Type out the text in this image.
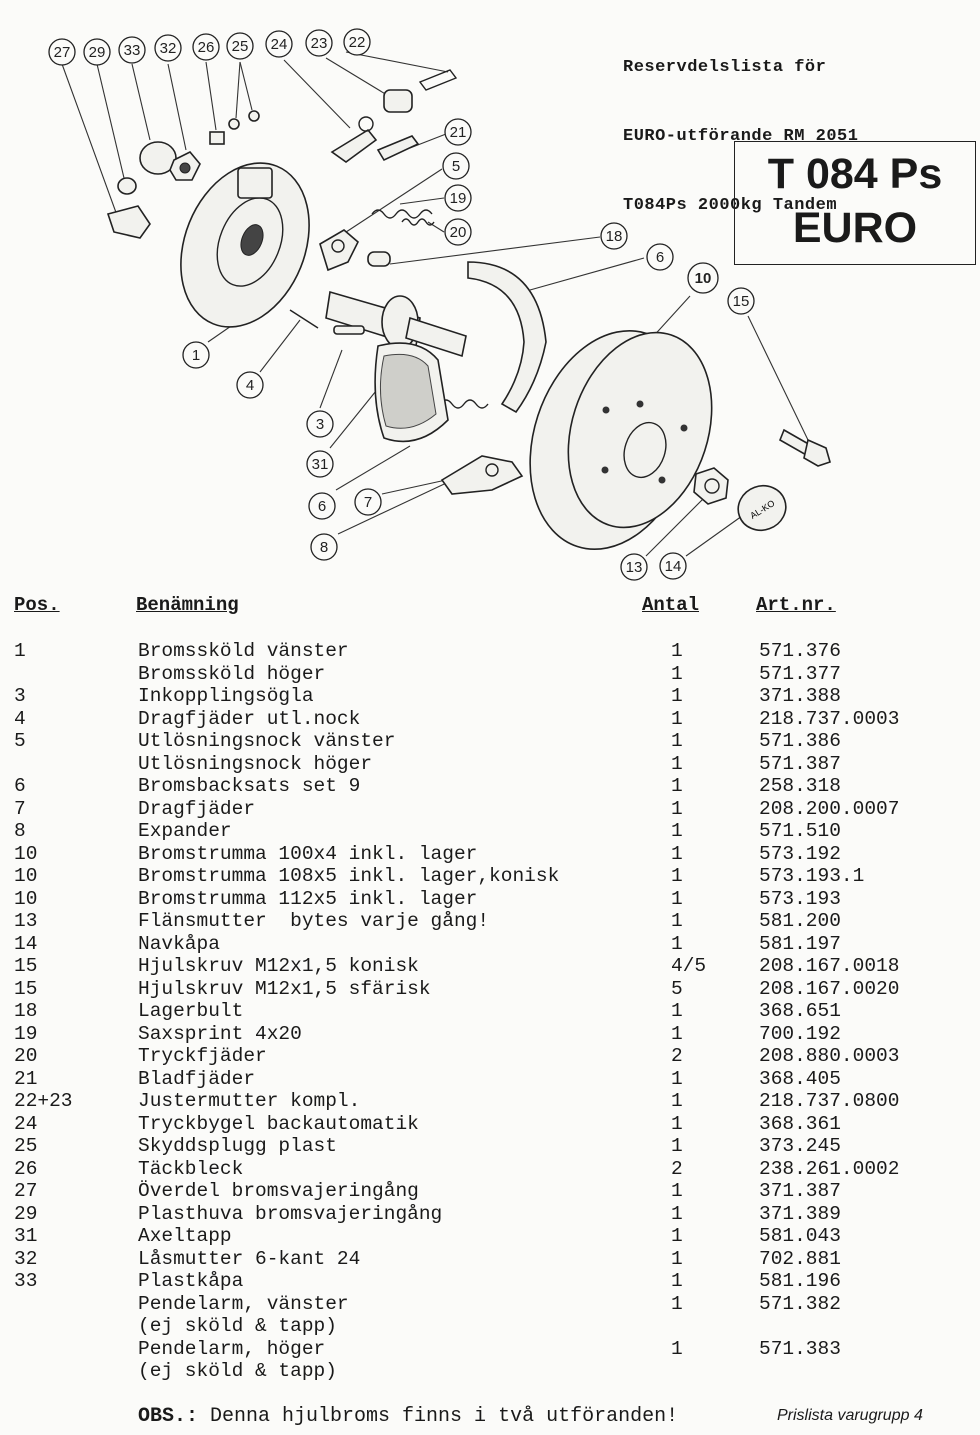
Reservdelslista för

EURO-utförande RM 2051

T084Ps 2000kg Tandem

T 084 Ps
EURO
AL-KO
27 29 33 32 26 25 24 23 22
21
5
19
20	18
6
10
15
1
4
3
31
6	7
8
13 14
Pos.	Benämning	Antal	Art.nr.
1	Bromssköld vänster	1	571.376
Bromssköld höger	1	571.377
3	Inkopplingsögla	1	371.388
4	Dragfjäder utl.nock	1	218.737.0003
5	Utlösningsnock vänster	1	571.386
Utlösningsnock höger	1	571.387
6	Bromsbacksats set 9	1	258.318
7	Dragfjäder	1	208.200.0007
8	Expander	1	571.510
10	Bromstrumma 100x4 inkl. lager	1	573.192
10	Bromstrumma 108x5 inkl. lager,konisk	1	573.193.1
10	Bromstrumma 112x5 inkl. lager	1	573.193
13	Flänsmutter  bytes varje gång!	1	581.200
14	Navkåpa	1	581.197
15	Hjulskruv M12x1,5 konisk	4/5	208.167.0018
15	Hjulskruv M12x1,5 sfärisk	5	208.167.0020
18	Lagerbult	1	368.651
19	Saxsprint 4x20	1	700.192
20	Tryckfjäder	2	208.880.0003
21	Bladfjäder	1	368.405
22+23	Justermutter kompl.	1	218.737.0800
24	Tryckbygel backautomatik	1	368.361
25	Skyddsplugg plast	1	373.245
26	Täckbleck	2	238.261.0002
27	Överdel bromsvajeringång	1	371.387
29	Plasthuva bromsvajeringång	1	371.389
31	Axeltapp	1	581.043
32	Låsmutter 6-kant 24	1	702.881
33	Plastkåpa	1	581.196
Pendelarm, vänster	1	571.382
(ej sköld & tapp)
Pendelarm, höger	1	571.383
(ej sköld & tapp)
OBS.: Denna hjulbroms finns i två utföranden!	Prislista varugrupp 4
